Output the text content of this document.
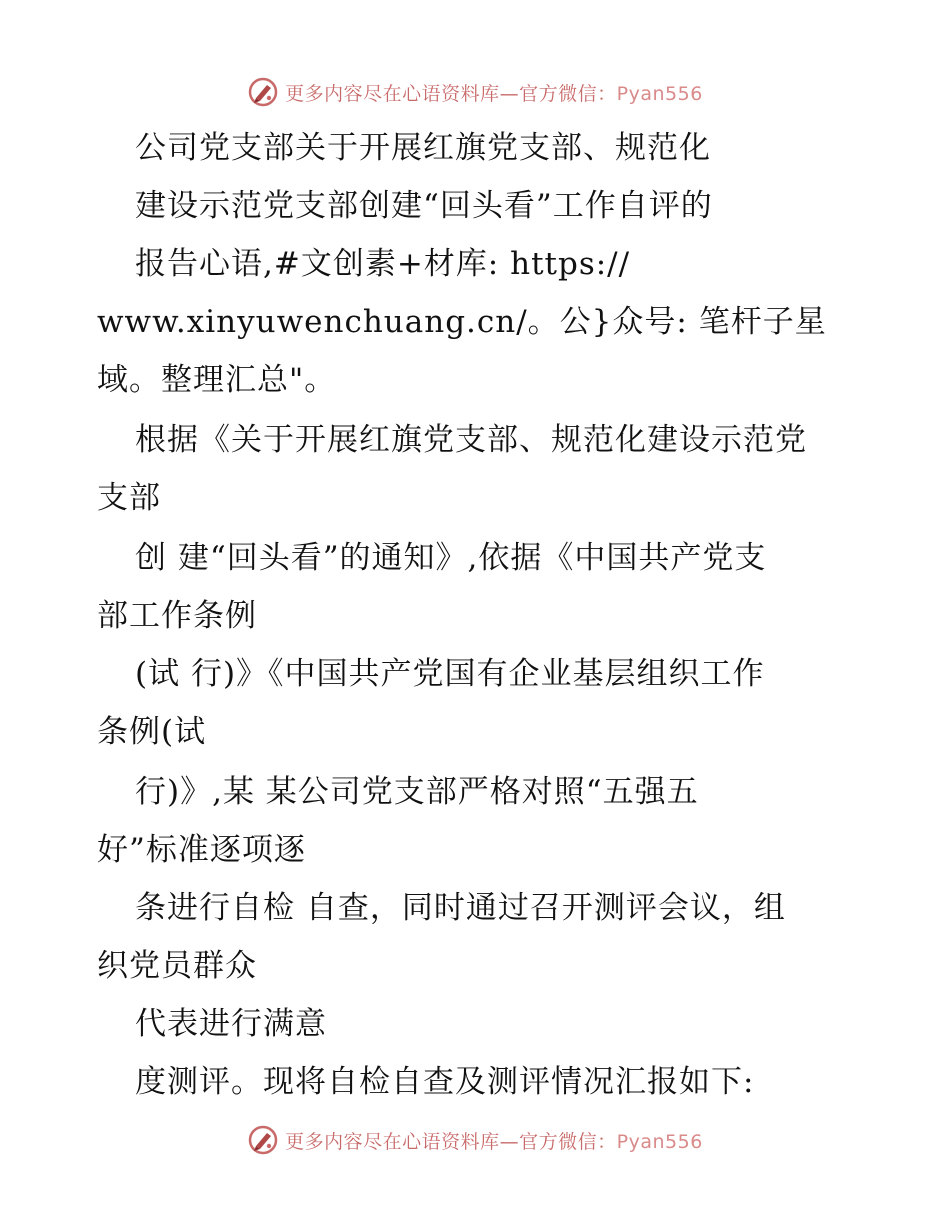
更多内容尽在心语资料库—官方微信：Pyan556
公司党支部关于开展红旗党支部、规范化
建设示范党支部创建“回头看”工作自评的
报告心语,#文创素+材库: https://
www.xinyuwenchuang.cn/。公}众号: 笔杆子星
域。整理汇总"。
根据《关于开展红旗党支部、规范化建设示范党
支部
创 建“回头看”的通知》,依据《中国共产党支
部工作条例
(试 行)》《中国共产党国有企业基层组织工作
条例(试
行)》,某 某公司党支部严格对照“五强五
好”标准逐项逐
条进行自检 自查，同时通过召开测评会议，组
织党员群众
代表进行满意
度测评。现将自检自查及测评情况汇报如下:
更多内容尽在心语资料库—官方微信：Pyan556
